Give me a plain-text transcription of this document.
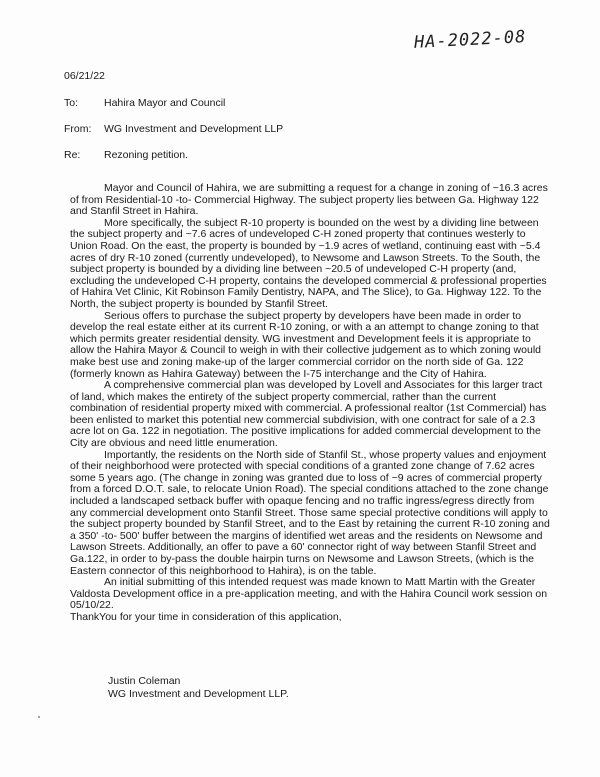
HA-2022-08
06/21/22
To: Hahira Mayor and Council
From: WG Investment and Development LLP
Re: Rezoning petition.

Mayor and Council of Hahira, we are submitting a request for a change in zoning of ~16.3 acres of from Residential-10 -to- Commercial Highway. The subject property lies between Ga. Highway 122 and Stanfil Street in Hahira.

More specifically, the subject R-10 property is bounded on the west by a dividing line between the subject property and ~7.6 acres of undeveloped C-H zoned property that continues westerly to Union Road. On the east, the property is bounded by ~1.9 acres of wetland, continuing east with ~5.4 acres of dry R-10 zoned (currently undeveloped), to Newsome and Lawson Streets. To the South, the subject property is bounded by a dividing line between ~20.5 of undeveloped C-H property (and, excluding the undeveloped C-H property, contains the developed commercial & professional properties of Hahira Vet Clinic, Kit Robinson Family Dentistry, NAPA, and The Slice), to Ga. Highway 122. To the North, the subject property is bounded by Stanfil Street.

Serious offers to purchase the subject property by developers have been made in order to develop the real estate either at its current R-10 zoning, or with a an attempt to change zoning to that which permits greater residential density. WG investment and Development feels it is appropriate to allow the Hahira Mayor & Council to weigh in with their collective judgement as to which zoning would make best use and zoning make-up of the larger commercial corridor on the north side of Ga. 122 (formerly known as Hahira Gateway) between the I-75 interchange and the City of Hahira.

A comprehensive commercial plan was developed by Lovell and Associates for this larger tract of land, which makes the entirety of the subject property commercial, rather than the current combination of residential property mixed with commercial. A professional realtor (1st Commercial) has been enlisted to market this potential new commercial subdivision, with one contract for sale of a 2.3 acre lot on Ga. 122 in negotiation. The positive implications for added commercial development to the City are obvious and need little enumeration.

Importantly, the residents on the North side of Stanfil St., whose property values and enjoyment of their neighborhood were protected with special conditions of a granted zone change of 7.62 acres some 5 years ago. (The change in zoning was granted due to loss of ~9 acres of commercial property from a forced D.O.T. sale, to relocate Union Road). The special conditions attached to the zone change included a landscaped setback buffer with opaque fencing and no traffic ingress/egress directly from any commercial development onto Stanfil Street. Those same special protective conditions will apply to the subject property bounded by Stanfil Street, and to the East by retaining the current R-10 zoning and a 350' -to- 500' buffer between the margins of identified wet areas and the residents on Newsome and Lawson Streets. Additionally, an offer to pave a 60' connector right of way between Stanfil Street and Ga.122, in order to by-pass the double hairpin turns on Newsome and Lawson Streets, (which is the Eastern connector of this neighborhood to Hahira), is on the table.

An initial submitting of this intended request was made known to Matt Martin with the Greater Valdosta Development office in a pre-application meeting, and with the Hahira Council work session on 05/10/22.

ThankYou for your time in consideration of this application,

Justin Coleman
WG Investment and Development LLP.
